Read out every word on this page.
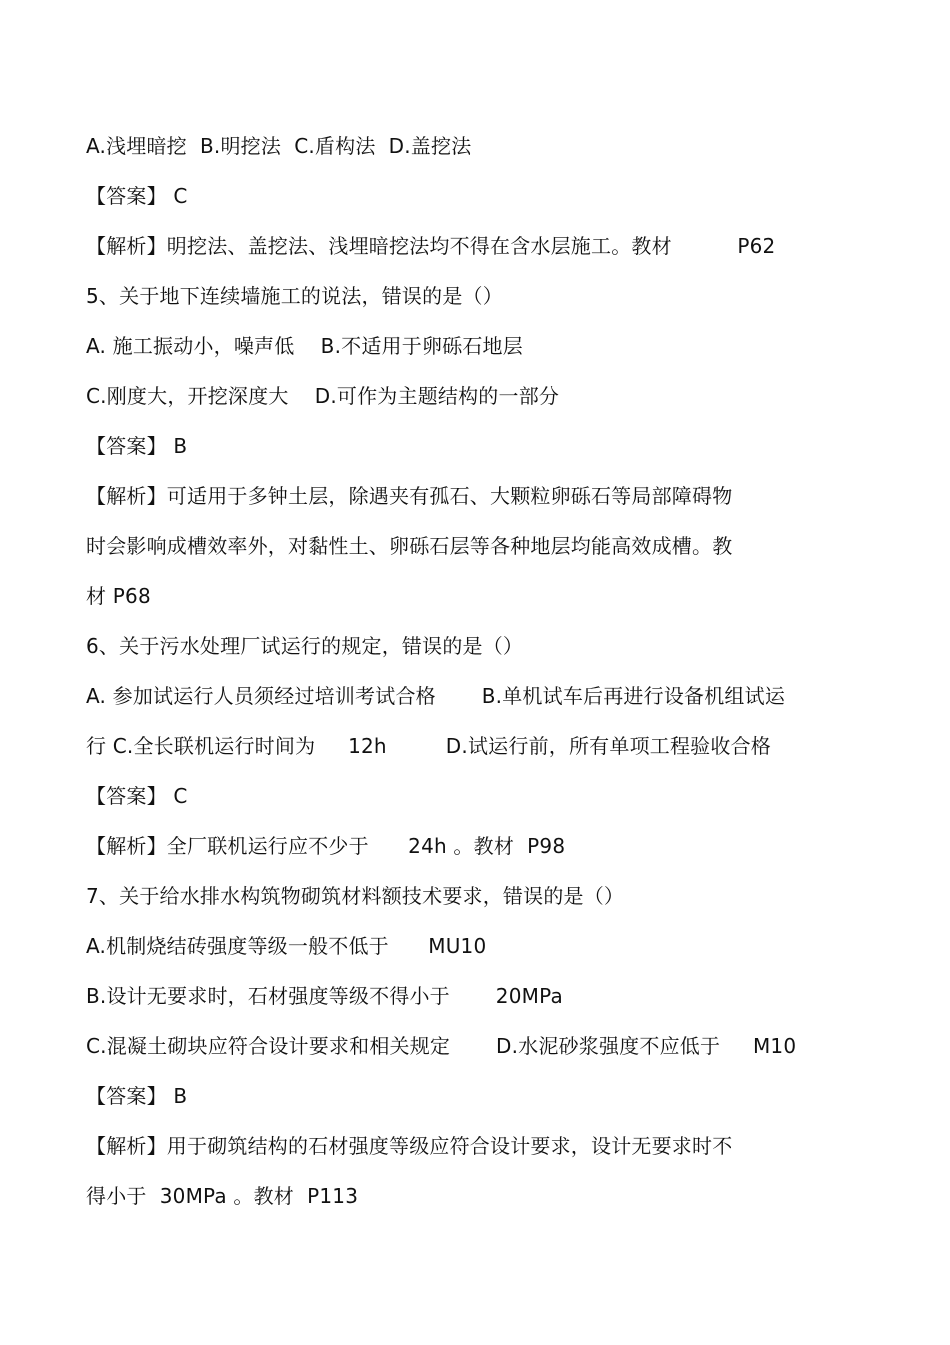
A.浅埋暗挖  B.明挖法  C.盾构法  D.盖挖法
【答案】 C
【解析】明挖法、盖挖法、浅埋暗挖法均不得在含水层施工。教材          P62
5、关于地下连续墙施工的说法，错误的是（）
A. 施工振动小，噪声低    B.不适用于卵砾石地层
C.刚度大，开挖深度大    D.可作为主题结构的一部分
【答案】 B
【解析】可适用于多钟土层，除遇夹有孤石、大颗粒卵砾石等局部障碍物
时会影响成槽效率外，对黏性土、卵砾石层等各种地层均能高效成槽。教
材 P68
6、关于污水处理厂试运行的规定，错误的是（）
A. 参加试运行人员须经过培训考试合格       B.单机试车后再进行设备机组试运
行 C.全长联机运行时间为     12h         D.试运行前，所有单项工程验收合格
【答案】 C
【解析】全厂联机运行应不少于      24h 。教材  P98
7、关于给水排水构筑物砌筑材料额技术要求，错误的是（）
A.机制烧结砖强度等级一般不低于      MU10
B.设计无要求时，石材强度等级不得小于       20MPa
C.混凝土砌块应符合设计要求和相关规定       D.水泥砂浆强度不应低于     M10
【答案】 B
【解析】用于砌筑结构的石材强度等级应符合设计要求，设计无要求时不
得小于  30MPa 。教材  P113
